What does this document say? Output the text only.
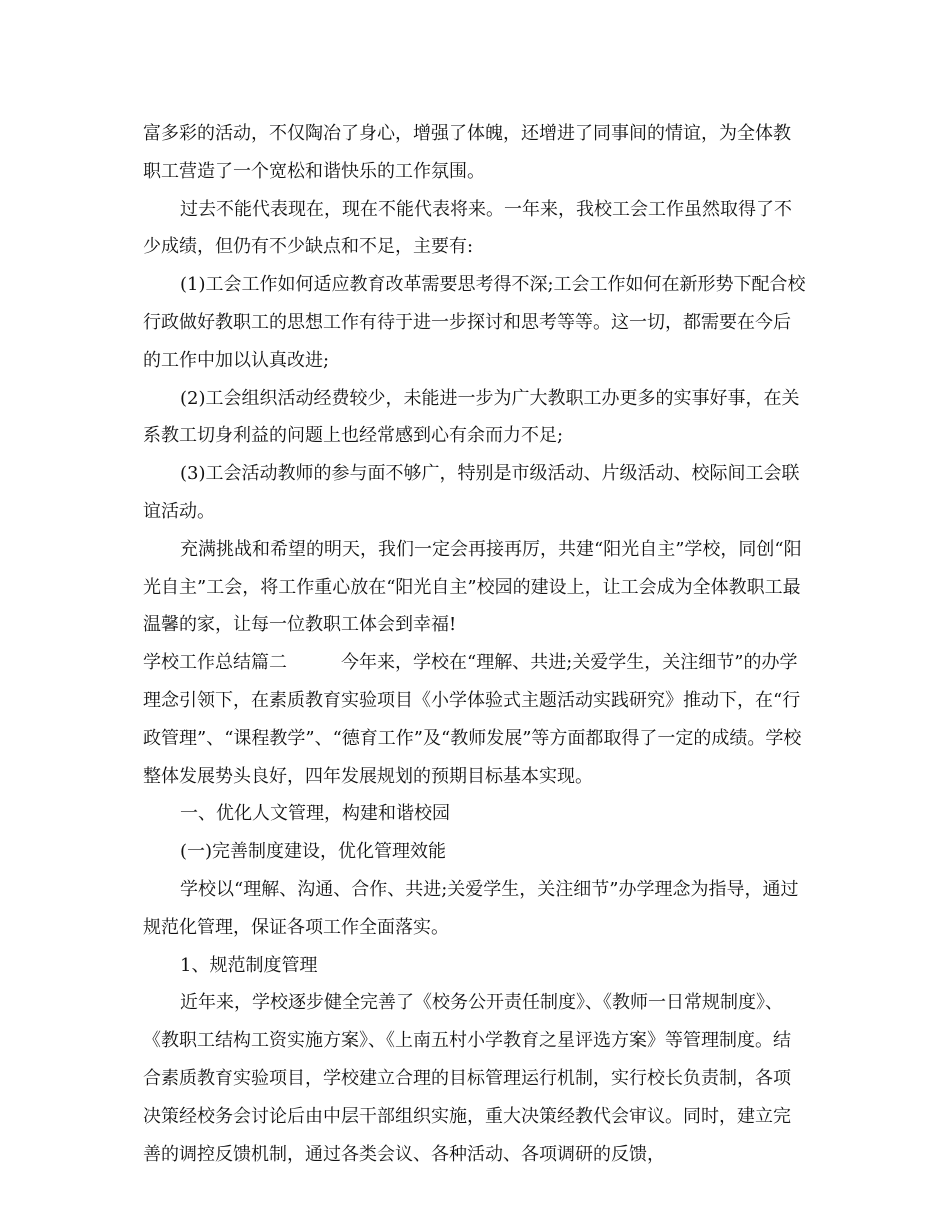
富多彩的活动，不仅陶冶了身心，增强了体魄，还增进了同事间的情谊，为全体教职工营造了一个宽松和谐快乐的工作氛围。

过去不能代表现在，现在不能代表将来。一年来，我校工会工作虽然取得了不少成绩，但仍有不少缺点和不足，主要有:

(1)工会工作如何适应教育改革需要思考得不深;工会工作如何在新形势下配合校行政做好教职工的思想工作有待于进一步探讨和思考等等。这一切，都需要在今后的工作中加以认真改进;

(2)工会组织活动经费较少，未能进一步为广大教职工办更多的实事好事，在关系教工切身利益的问题上也经常感到心有余而力不足;

(3)工会活动教师的参与面不够广，特别是市级活动、片级活动、校际间工会联谊活动。

充满挑战和希望的明天，我们一定会再接再厉，共建“阳光自主”学校，同创“阳光自主”工会，将工作重心放在“阳光自主”校园的建设上，让工会成为全体教职工最温馨的家，让每一位教职工体会到幸福!

学校工作总结篇二	今年来，学校在“理解、共进;关爱学生，关注细节”的办学理念引领下，在素质教育实验项目《小学体验式主题活动实践研究》推动下，在“行政管理”、“课程教学”、“德育工作”及“教师发展”等方面都取得了一定的成绩。学校整体发展势头良好，四年发展规划的预期目标基本实现。

一、优化人文管理，构建和谐校园

(一)完善制度建设，优化管理效能

学校以“理解、沟通、合作、共进;关爱学生，关注细节”办学理念为指导，通过规范化管理，保证各项工作全面落实。

1、规范制度管理

近年来，学校逐步健全完善了《校务公开责任制度》、《教师一日常规制度》、《教职工结构工资实施方案》、《上南五村小学教育之星评选方案》等管理制度。结合素质教育实验项目，学校建立合理的目标管理运行机制，实行校长负责制，各项决策经校务会讨论后由中层干部组织实施，重大决策经教代会审议。同时，建立完善的调控反馈机制，通过各类会议、各种活动、各项调研的反馈，
